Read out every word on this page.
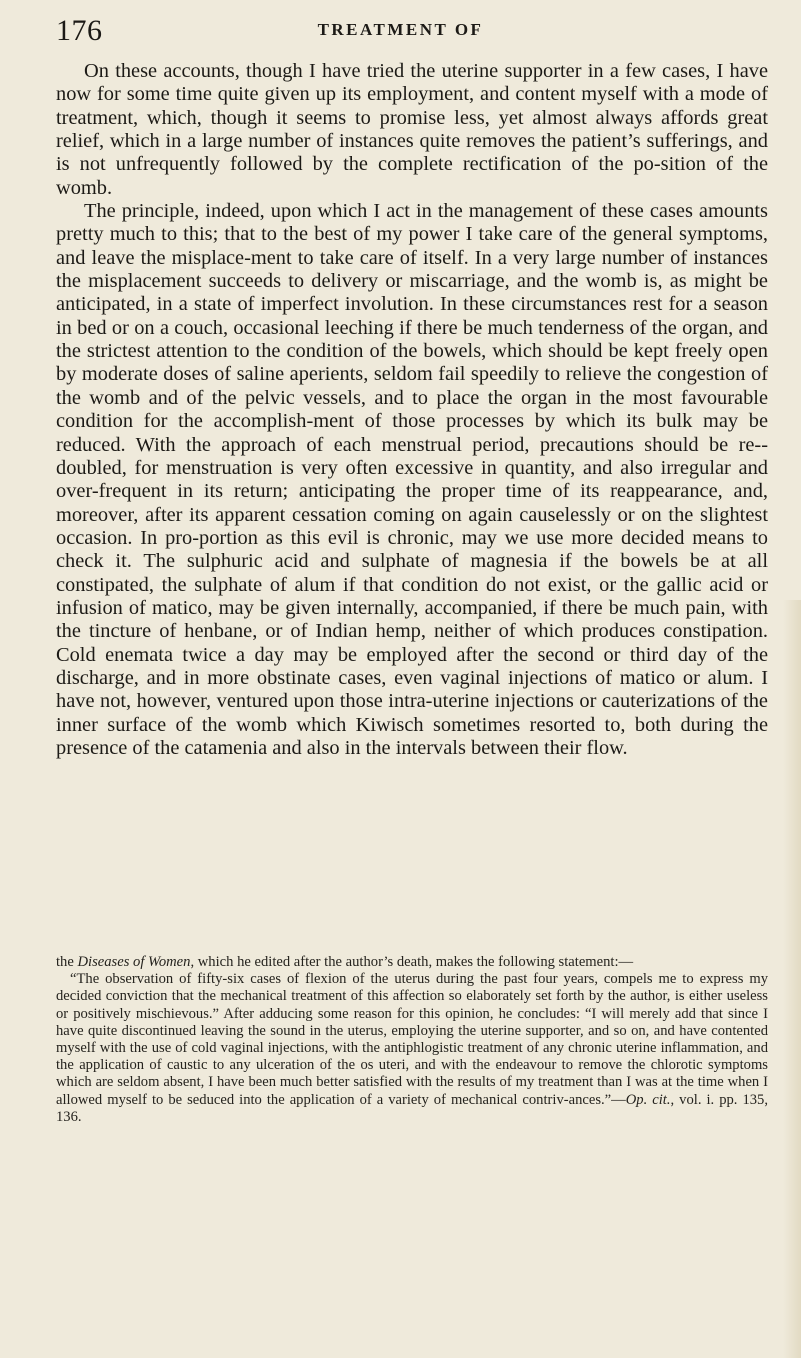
176	TREATMENT OF

On these accounts, though I have tried the uterine supporter in a few cases, I have now for some time quite given up its employment, and content myself with a mode of treatment, which, though it seems to promise less, yet almost always affords great relief, which in a large number of instances quite removes the patient’s sufferings, and is not unfrequently followed by the complete rectification of the po-sition of the womb.

The principle, indeed, upon which I act in the management of these cases amounts pretty much to this; that to the best of my power I take care of the general symptoms, and leave the misplace-ment to take care of itself. In a very large number of instances the misplacement succeeds to delivery or miscarriage, and the womb is, as might be anticipated, in a state of imperfect involution. In these circumstances rest for a season in bed or on a couch, occasional leeching if there be much tenderness of the organ, and the strictest attention to the condition of the bowels, which should be kept freely open by moderate doses of saline aperients, seldom fail speedily to relieve the congestion of the womb and of the pelvic vessels, and to place the organ in the most favourable condition for the accomplish-ment of those processes by which its bulk may be reduced. With the approach of each menstrual period, precautions should be re-doubled, for menstruation is very often excessive in quantity, and also irregular and over-frequent in its return; anticipating the proper time of its reappearance, and, moreover, after its apparent cessation coming on again causelessly or on the slightest occasion. In pro-portion as this evil is chronic, may we use more decided means to check it. The sulphuric acid and sulphate of magnesia if the bowels be at all constipated, the sulphate of alum if that condition do not exist, or the gallic acid or infusion of matico, may be given internally, accompanied, if there be much pain, with the tincture of henbane, or of Indian hemp, neither of which produces constipation. Cold enemata twice a day may be employed after the second or third day of the discharge, and in more obstinate cases, even vaginal injections of matico or alum. I have not, however, ventured upon those intra-uterine injections or cauterizations of the inner surface of the womb which Kiwisch sometimes resorted to, both during the presence of the catamenia and also in the intervals between their flow.

the Diseases of Women, which he edited after the author’s death, makes the following statement:—

“The observation of fifty-six cases of flexion of the uterus during the past four years, compels me to express my decided conviction that the mechanical treatment of this affection so elaborately set forth by the author, is either useless or positively mischievous.” After adducing some reason for this opinion, he concludes: “I will merely add that since I have quite discontinued leaving the sound in the uterus, employing the uterine supporter, and so on, and have contented myself with the use of cold vaginal injections, with the antiphlogistic treatment of any chronic uterine inflammation, and the application of caustic to any ulceration of the os uteri, and with the endeavour to remove the chlorotic symptoms which are seldom absent, I have been much better satisfied with the results of my treatment than I was at the time when I allowed myself to be seduced into the application of a variety of mechanical contriv-ances.”—Op. cit., vol. i. pp. 135, 136.
